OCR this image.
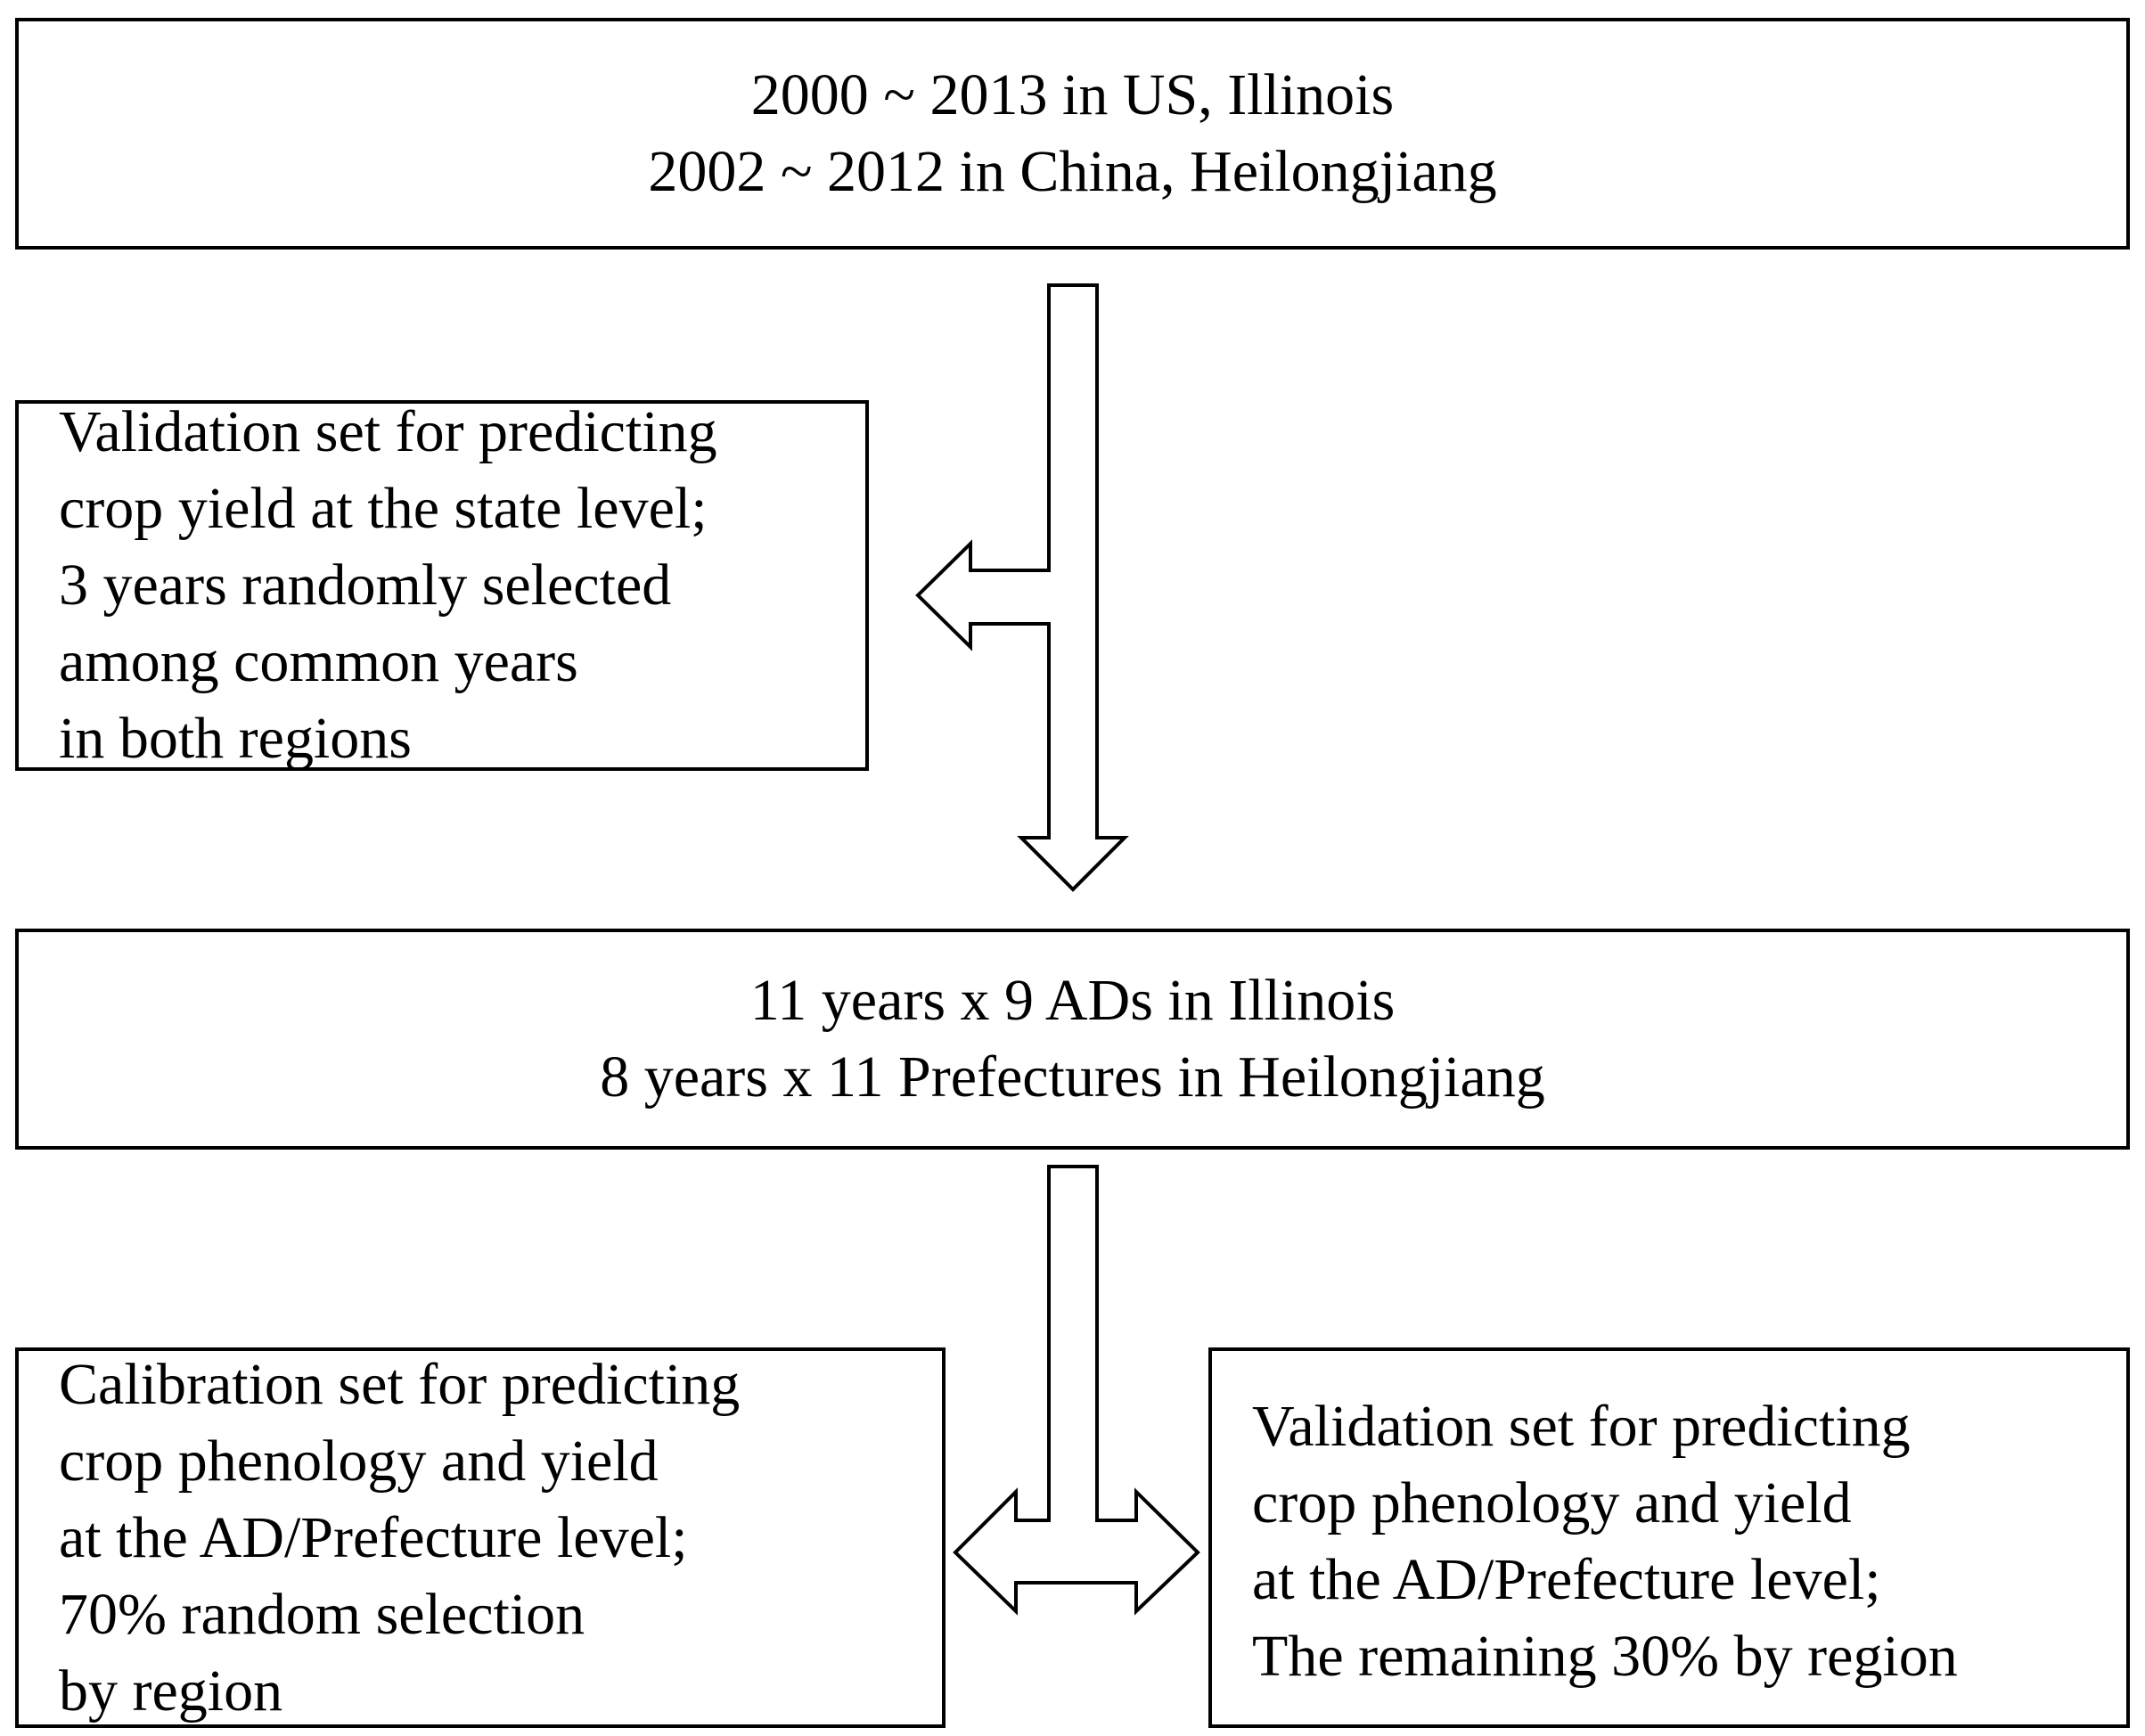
2000 ~ 2013 in US, Illinois
2002 ~ 2012 in China, Heilongjiang
Validation set for predicting
crop yield at the state level;
3 years randomly selected
among common years
in both regions
11 years x 9 ADs in Illinois
8 years x 11 Prefectures in Heilongjiang
Calibration set for predicting
crop phenology and yield
at the AD/Prefecture level;
70% random selection
by region
Validation set for predicting
crop phenology and yield
at the AD/Prefecture level;
The remaining 30% by region
